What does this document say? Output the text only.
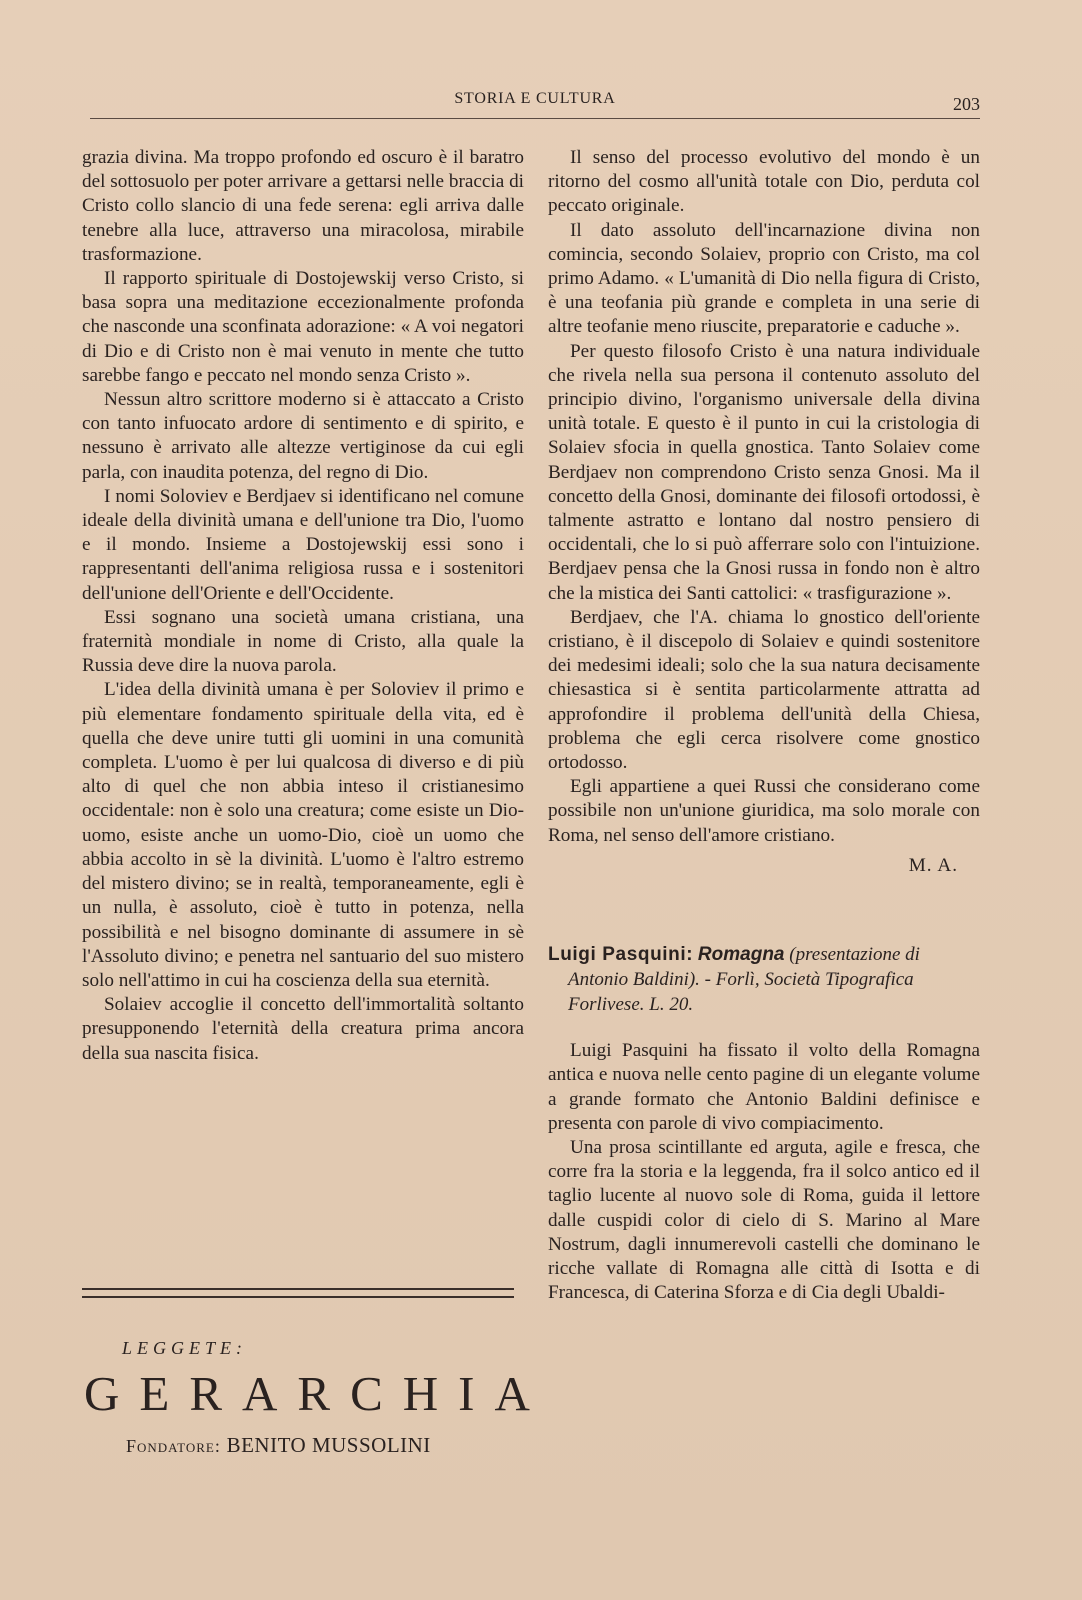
STORIA E CULTURA	203

grazia divina. Ma troppo profondo ed oscuro è il baratro del sottosuolo per poter arrivare a gettarsi nelle braccia di Cristo collo slancio di una fede serena: egli arriva dalle tenebre alla luce, attraverso una miracolosa, mirabile trasformazione.

Il rapporto spirituale di Dostojewskij verso Cristo, si basa sopra una meditazione eccezionalmente profonda che nasconde una sconfinata adorazione: « A voi negatori di Dio e di Cristo non è mai venuto in mente che tutto sarebbe fango e peccato nel mondo senza Cristo ».

Nessun altro scrittore moderno si è attaccato a Cristo con tanto infuocato ardore di sentimento e di spirito, e nessuno è arrivato alle altezze vertiginose da cui egli parla, con inaudita potenza, del regno di Dio.

I nomi Soloviev e Berdjaev si identificano nel comune ideale della divinità umana e dell'unione tra Dio, l'uomo e il mondo. Insieme a Dostojewskij essi sono i rappresentanti dell'anima religiosa russa e i sostenitori dell'unione dell'Oriente e dell'Occidente.

Essi sognano una società umana cristiana, una fraternità mondiale in nome di Cristo, alla quale la Russia deve dire la nuova parola.

L'idea della divinità umana è per Soloviev il primo e più elementare fondamento spirituale della vita, ed è quella che deve unire tutti gli uomini in una comunità completa. L'uomo è per lui qualcosa di diverso e di più alto di quel che non abbia inteso il cristianesimo occidentale: non è solo una creatura; come esiste un Dio-uomo, esiste anche un uomo-Dio, cioè un uomo che abbia accolto in sè la divinità. L'uomo è l'altro estremo del mistero divino; se in realtà, temporaneamente, egli è un nulla, è assoluto, cioè è tutto in potenza, nella possibilità e nel bisogno dominante di assumere in sè l'Assoluto divino; e penetra nel santuario del suo mistero solo nell'attimo in cui ha coscienza della sua eternità.

Solaiev accoglie il concetto dell'immortalità soltanto presupponendo l'eternità della creatura prima ancora della sua nascita fisica.

LEGGETE:
GERARCHIA
Fondatore: BENITO MUSSOLINI

Il senso del processo evolutivo del mondo è un ritorno del cosmo all'unità totale con Dio, perduta col peccato originale.

Il dato assoluto dell'incarnazione divina non comincia, secondo Solaiev, proprio con Cristo, ma col primo Adamo. « L'umanità di Dio nella figura di Cristo, è una teofania più grande e completa in una serie di altre teofanie meno riuscite, preparatorie e caduche ».

Per questo filosofo Cristo è una natura individuale che rivela nella sua persona il contenuto assoluto del principio divino, l'organismo universale della divina unità totale. E questo è il punto in cui la cristologia di Solaiev sfocia in quella gnostica. Tanto Solaiev come Berdjaev non comprendono Cristo senza Gnosi. Ma il concetto della Gnosi, dominante dei filosofi ortodossi, è talmente astratto e lontano dal nostro pensiero di occidentali, che lo si può afferrare solo con l'intuizione. Berdjaev pensa che la Gnosi russa in fondo non è altro che la mistica dei Santi cattolici: « trasfigurazione ».

Berdjaev, che l'A. chiama lo gnostico dell'oriente cristiano, è il discepolo di Solaiev e quindi sostenitore dei medesimi ideali; solo che la sua natura decisamente chiesastica si è sentita particolarmente attratta ad approfondire il problema dell'unità della Chiesa, problema che egli cerca risolvere come gnostico ortodosso.

Egli appartiene a quei Russi che considerano come possibile non un'unione giuridica, ma solo morale con Roma, nel senso dell'amore cristiano.

M. A.
Luigi Pasquini: Romagna (presentazione di Antonio Baldini). - Forlì, Società Tipografica Forlivese. L. 20.

Luigi Pasquini ha fissato il volto della Romagna antica e nuova nelle cento pagine di un elegante volume a grande formato che Antonio Baldini definisce e presenta con parole di vivo compiacimento.

Una prosa scintillante ed arguta, agile e fresca, che corre fra la storia e la leggenda, fra il solco antico ed il taglio lucente al nuovo sole di Roma, guida il lettore dalle cuspidi color di cielo di S. Marino al Mare Nostrum, dagli innumerevoli castelli che dominano le ricche vallate di Romagna alle città di Isotta e di Francesca, di Caterina Sforza e di Cia degli Ubaldi-
